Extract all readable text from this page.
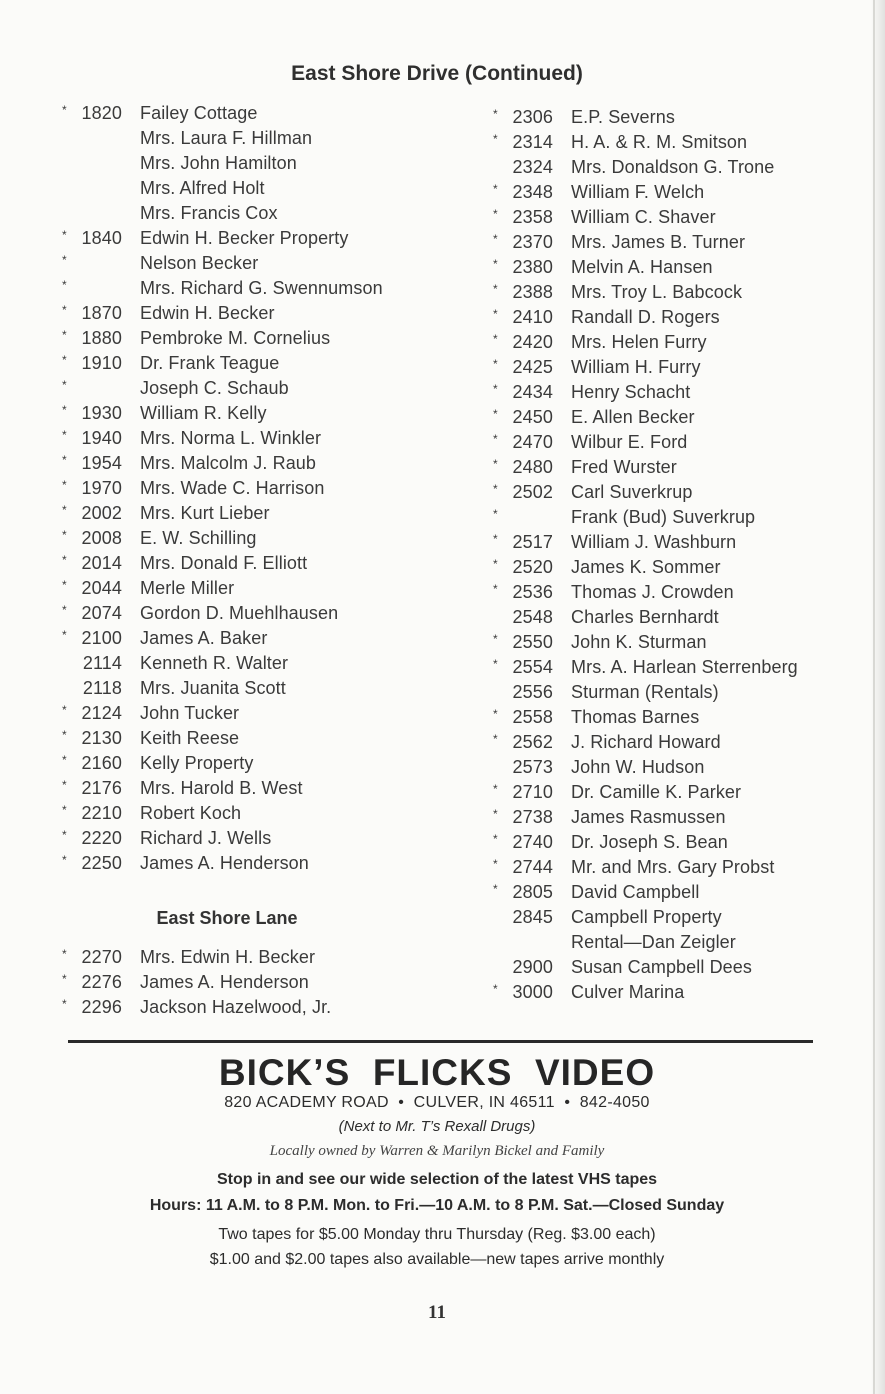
East Shore Drive (Continued)
* 1820 Failey Cottage
Mrs. Laura F. Hillman
Mrs. John Hamilton
Mrs. Alfred Holt
Mrs. Francis Cox
* 1840 Edwin H. Becker Property
*	Nelson Becker
*	Mrs. Richard G. Swennumson
* 1870 Edwin H. Becker
* 1880 Pembroke M. Cornelius
* 1910 Dr. Frank Teague
*	Joseph C. Schaub
* 1930 William R. Kelly
* 1940 Mrs. Norma L. Winkler
* 1954 Mrs. Malcolm J. Raub
* 1970 Mrs. Wade C. Harrison
* 2002 Mrs. Kurt Lieber
* 2008 E. W. Schilling
* 2014 Mrs. Donald F. Elliott
* 2044 Merle Miller
* 2074 Gordon D. Muehlhausen
* 2100 James A. Baker
2114 Kenneth R. Walter
2118 Mrs. Juanita Scott
* 2124 John Tucker
* 2130 Keith Reese
* 2160 Kelly Property
* 2176 Mrs. Harold B. West
* 2210 Robert Koch
* 2220 Richard J. Wells
* 2250 James A. Henderson
East Shore Lane
* 2270 Mrs. Edwin H. Becker
* 2276 James A. Henderson
* 2296 Jackson Hazelwood, Jr.
* 2306 E.P. Severns
* 2314 H. A. & R. M. Smitson
2324 Mrs. Donaldson G. Trone
* 2348 William F. Welch
* 2358 William C. Shaver
* 2370 Mrs. James B. Turner
* 2380 Melvin A. Hansen
* 2388 Mrs. Troy L. Babcock
* 2410 Randall D. Rogers
* 2420 Mrs. Helen Furry
* 2425 William H. Furry
* 2434 Henry Schacht
* 2450 E. Allen Becker
* 2470 Wilbur E. Ford
* 2480 Fred Wurster
* 2502 Carl Suverkrup
*	Frank (Bud) Suverkrup
* 2517 William J. Washburn
* 2520 James K. Sommer
* 2536 Thomas J. Crowden
2548 Charles Bernhardt
* 2550 John K. Sturman
* 2554 Mrs. A. Harlean Sterrenberg
2556 Sturman (Rentals)
* 2558 Thomas Barnes
* 2562 J. Richard Howard
2573 John W. Hudson
* 2710 Dr. Camille K. Parker
* 2738 James Rasmussen
* 2740 Dr. Joseph S. Bean
* 2744 Mr. and Mrs. Gary Probst
* 2805 David Campbell
2845 Campbell Property
Rental—Dan Zeigler
2900 Susan Campbell Dees
* 3000 Culver Marina
BICK’S  FLICKS  VIDEO
820 ACADEMY ROAD  •  CULVER, IN 46511  •  842-4050
(Next to Mr. T’s Rexall Drugs)
Locally owned by Warren & Marilyn Bickel and Family
Stop in and see our wide selection of the latest VHS tapes
Hours: 11 A.M. to 8 P.M. Mon. to Fri.—10 A.M. to 8 P.M. Sat.—Closed Sunday
Two tapes for $5.00 Monday thru Thursday (Reg. $3.00 each)
$1.00 and $2.00 tapes also available—new tapes arrive monthly
11
